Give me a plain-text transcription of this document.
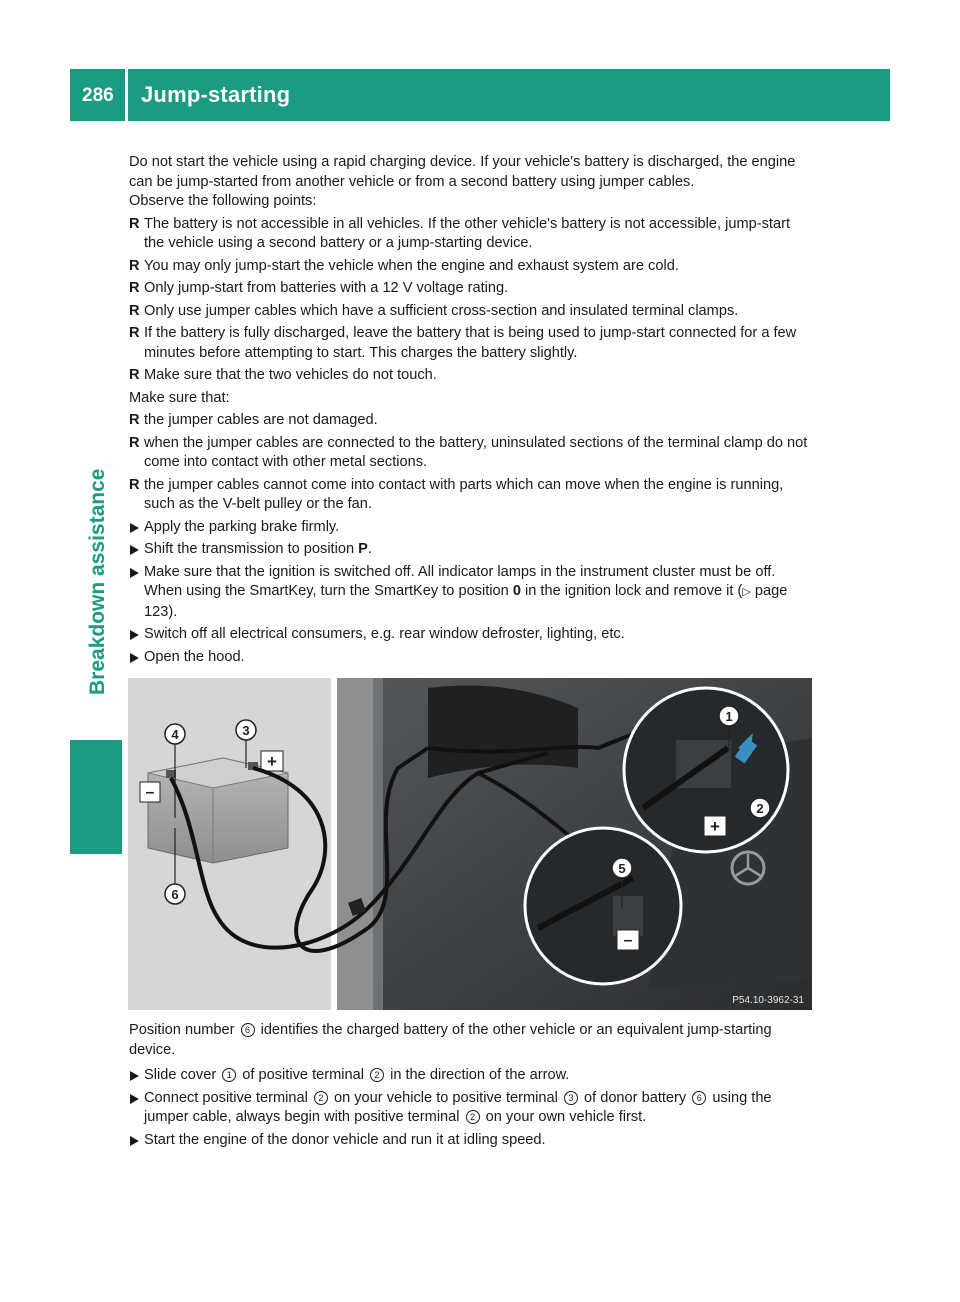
286 Jump-starting
Breakdown assistance

Do not start the vehicle using a rapid charging device. If your vehicle's battery is discharged, the engine can be jump-started from another vehicle or from a second battery using jumper cables.

Observe the following points:

R The battery is not accessible in all vehicles. If the other vehicle's battery is not accessible, jump-start the vehicle using a second battery or a jump-starting device.
R You may only jump-start the vehicle when the engine and exhaust system are cold.
R Only jump-start from batteries with a 12 V voltage rating.
R Only use jumper cables which have a sufficient cross-section and insulated terminal clamps.
R If the battery is fully discharged, leave the battery that is being used to jump-start connected for a few minutes before attempting to start. This charges the battery slightly.
R Make sure that the two vehicles do not touch.

Make sure that:

R the jumper cables are not damaged.
R when the jumper cables are connected to the battery, uninsulated sections of the terminal clamp do not come into contact with other metal sections.
R the jumper cables cannot come into contact with parts which can move when the engine is running, such as the V-belt pulley or the fan.
Apply the parking brake firmly.
Shift the transmission to position P.
Make sure that the ignition is switched off. All indicator lamps in the instrument cluster must be off. When using the SmartKey, turn the SmartKey to position 0 in the ignition lock and remove it (▷ page 123).
Switch off all electrical consumers, e.g. rear window defroster, lighting, etc.
Open the hood.
4	3
6
+
–
1
2
5
+
–
P54.10-3962-31

Position number 6 identifies the charged battery of the other vehicle or an equivalent jump-starting device.

Slide cover 1 of positive terminal 2 in the direction of the arrow.
Connect positive terminal 2 on your vehicle to positive terminal 3 of donor battery 6 using the jumper cable, always begin with positive terminal 2 on your own vehicle first.
Start the engine of the donor vehicle and run it at idling speed.
